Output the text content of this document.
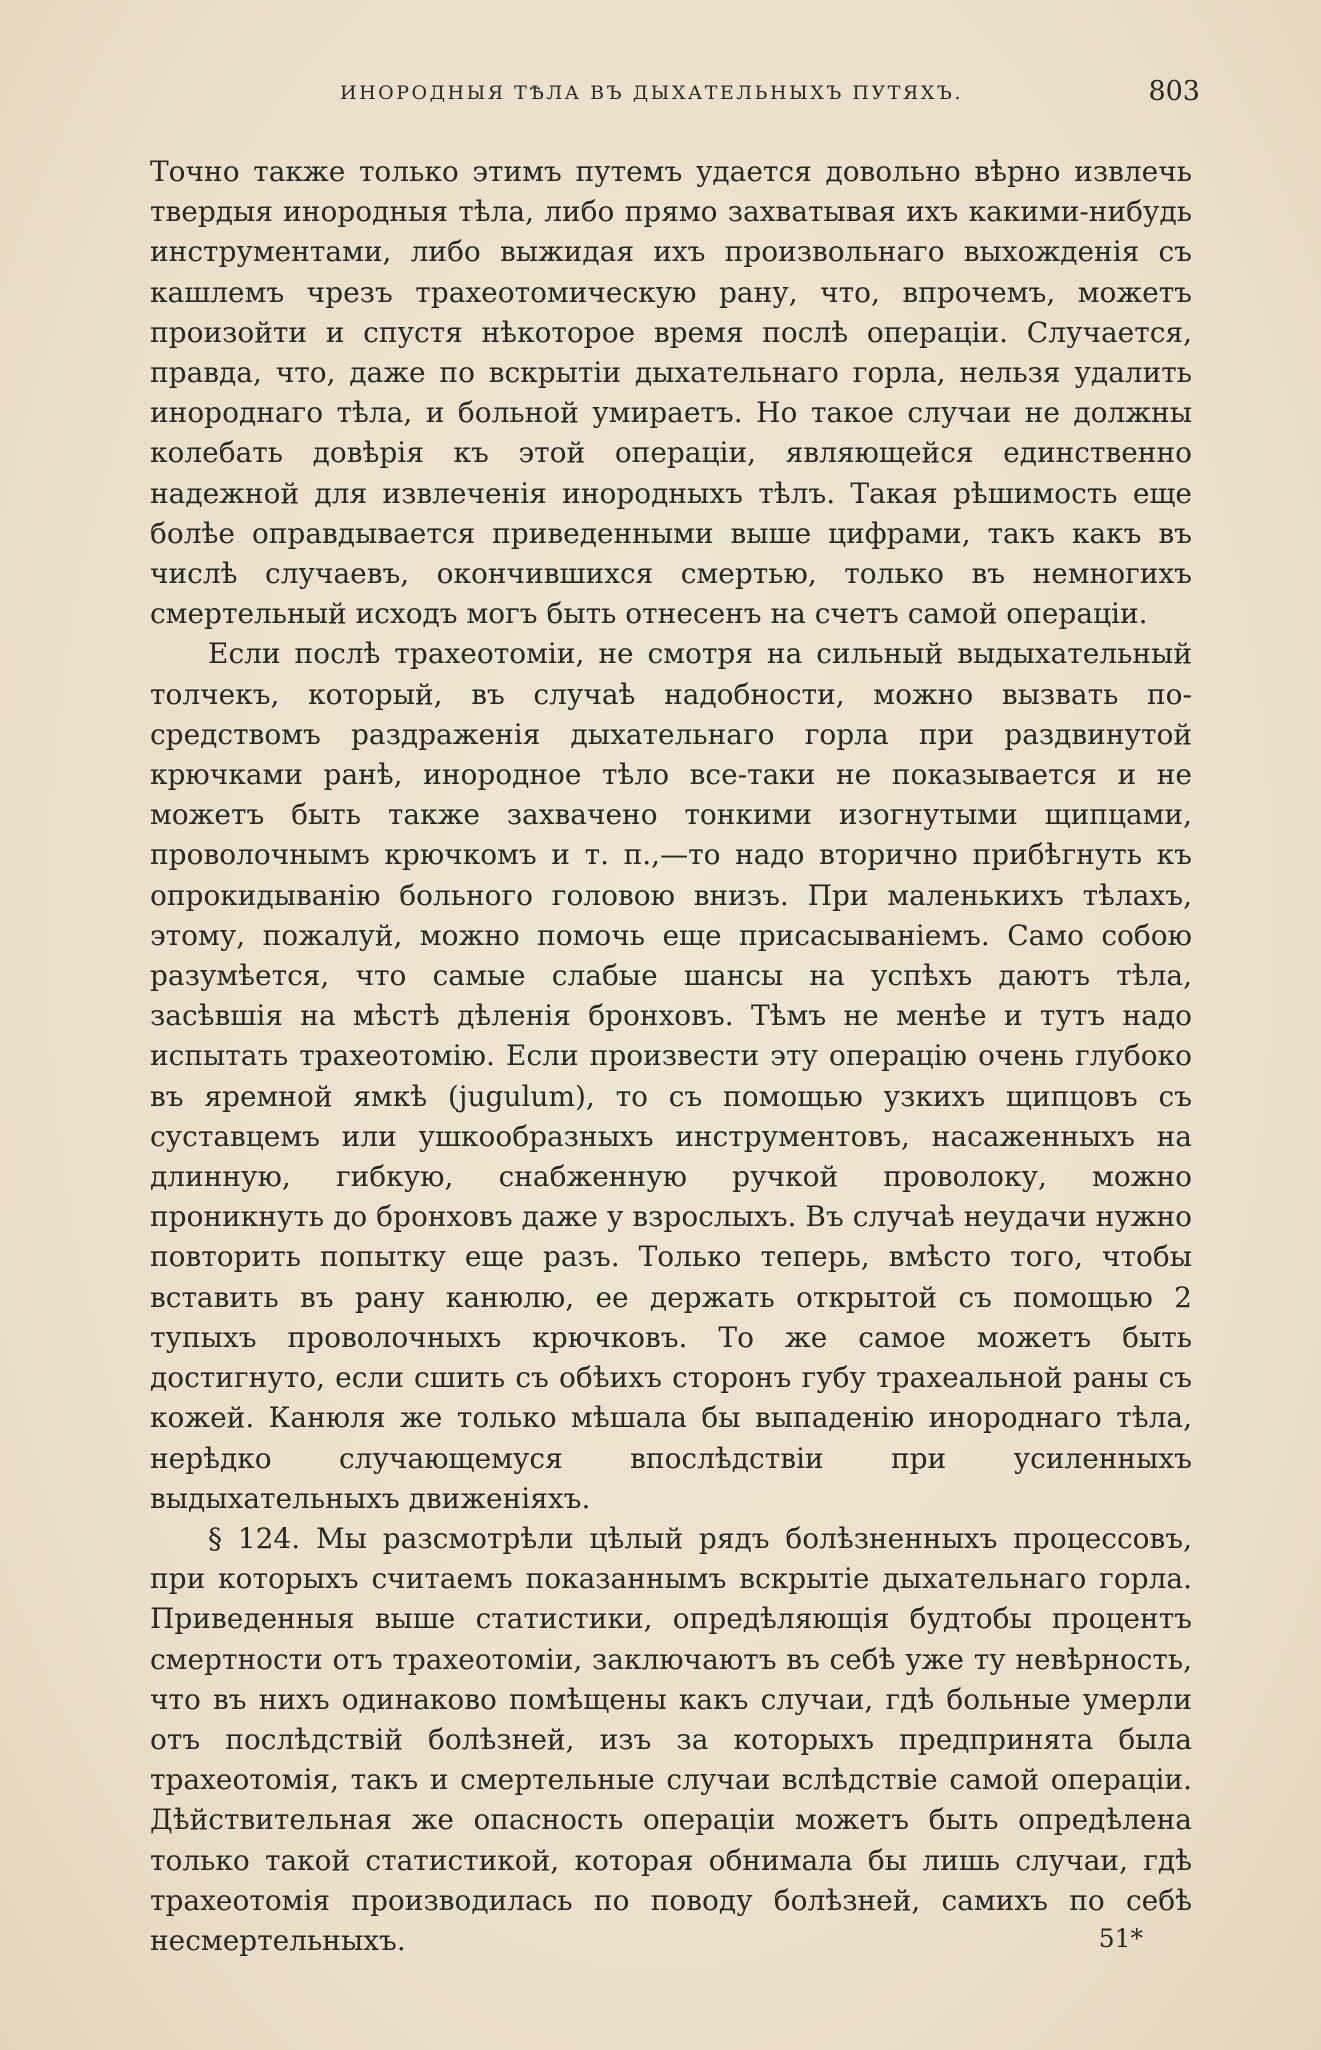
ИНОРОДНЫЯ ТѢЛА ВЪ ДЫХАТЕЛЬНЫХЪ ПУТЯХЪ.	803

Точно также только этимъ путемъ удается довольно вѣрно извлечь твердыя инородныя тѣла, либо прямо захватывая ихъ какими-нибудь инструментами, либо выжидая ихъ произвольнаго выхожденія съ кашлемъ чрезъ трахеотомическую рану, что, впрочемъ, можетъ произойти и спустя нѣкоторое время послѣ операціи. Случается, правда, что, даже по вскрытіи дыхательнаго горла, нельзя удалить инороднаго тѣла, и больной умираетъ. Но такое случаи не должны колебать довѣрія къ этой операціи, являющейся единственно надежной для извлеченія инородныхъ тѣлъ. Такая рѣшимость еще болѣе оправдывается приведенными выше цифрами, такъ какъ въ числѣ случаевъ, окончившихся смертью, только въ немногихъ смертельный исходъ могъ быть отнесенъ на счетъ самой операціи.

Если послѣ трахеотоміи, не смотря на сильный выдыхательный толчекъ, который, въ случаѣ надобности, можно вызвать посредствомъ раздраженія дыхательнаго горла при раздвинутой крючками ранѣ, инородное тѣло все-таки не показывается и не можетъ быть также захвачено тонкими изогнутыми щипцами, проволочнымъ крючкомъ и т. п.,—то надо вторично прибѣгнуть къ опрокидыванію больного головою внизъ. При маленькихъ тѣлахъ, этому, пожалуй, можно помочь еще присасываніемъ. Само собою разумѣется, что самые слабые шансы на успѣхъ даютъ тѣла, засѣвшія на мѣстѣ дѣленія бронховъ. Тѣмъ не менѣе и тутъ надо испытать трахеотомію. Если произвести эту операцію очень глубоко въ яремной ямкѣ (jugulum), то съ помощью узкихъ щипцовъ съ суставцемъ или ушкообразныхъ инструментовъ, насаженныхъ на длинную, гибкую, снабженную ручкой проволоку, можно проникнуть до бронховъ даже у взрослыхъ. Въ случаѣ неудачи нужно повторить попытку еще разъ. Только теперь, вмѣсто того, чтобы вставить въ рану канюлю, ее держать открытой съ помощью 2 тупыхъ проволочныхъ крючковъ. То же самое можетъ быть достигнуто, если сшить съ обѣихъ сторонъ губу трахеальной раны съ кожей. Канюля же только мѣшала бы выпаденію инороднаго тѣла, нерѣдко случающемуся впослѣдствіи при усиленныхъ выдыхательныхъ движеніяхъ.

§ 124. Мы разсмотрѣли цѣлый рядъ болѣзненныхъ процессовъ, при которыхъ считаемъ показаннымъ вскрытіе дыхательнаго горла. Приведенныя выше статистики, опредѣляющія будтобы процентъ смертности отъ трахеотоміи, заключаютъ въ себѣ уже ту невѣрность, что въ нихъ одинаково помѣщены какъ случаи, гдѣ больные умерли отъ послѣдствій болѣзней, изъ за которыхъ предпринята была трахеотомія, такъ и смертельные случаи вслѣдствіе самой операціи. Дѣйствительная же опасность операціи можетъ быть опредѣлена только такой статистикой, которая обнимала бы лишь случаи, гдѣ трахеотомія производилась по поводу болѣзней, самихъ по себѣ несмертельныхъ.	51*
